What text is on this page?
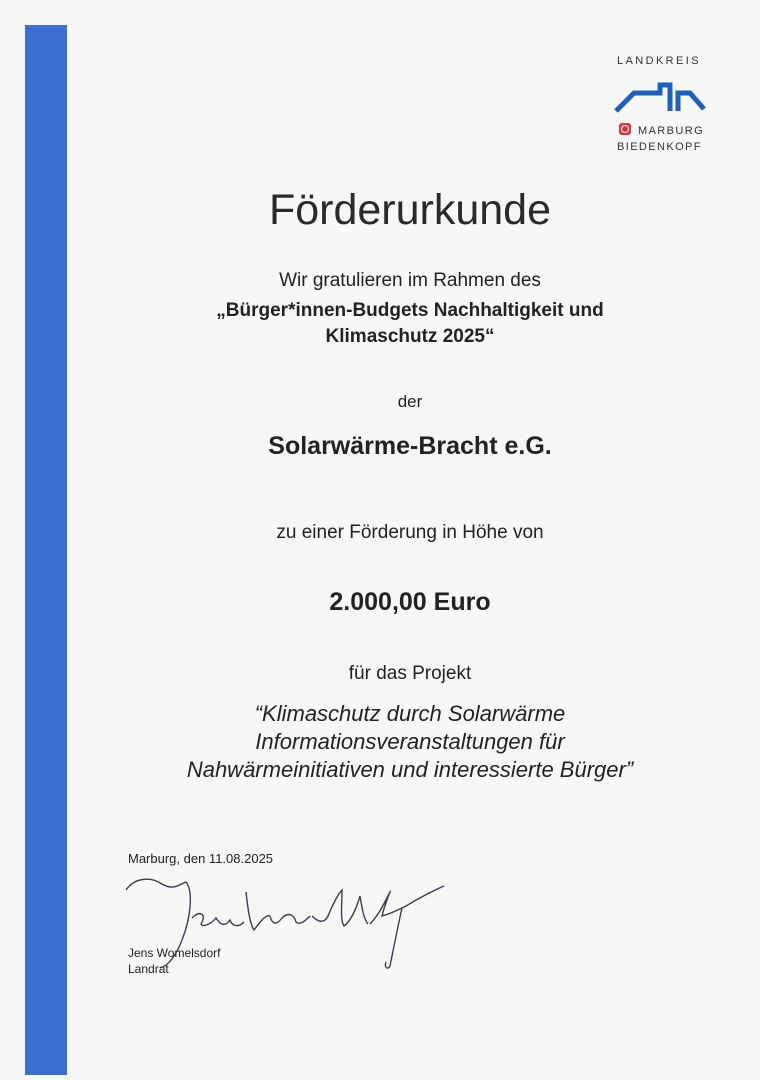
LANDKREIS
MARBURG
BIEDENKOPF
Förderurkunde
Wir gratulieren im Rahmen des
„Bürger*innen-Budgets Nachhaltigkeit und
Klimaschutz 2025“
der
Solarwärme-Bracht e.G.
zu einer Förderung in Höhe von
2.000,00 Euro
für das Projekt
“Klimaschutz durch Solarwärme
Informationsveranstaltungen für
Nahwärmeinitiativen und interessierte Bürger”
Marburg, den 11.08.2025
Jens Womelsdorf
Landrat
